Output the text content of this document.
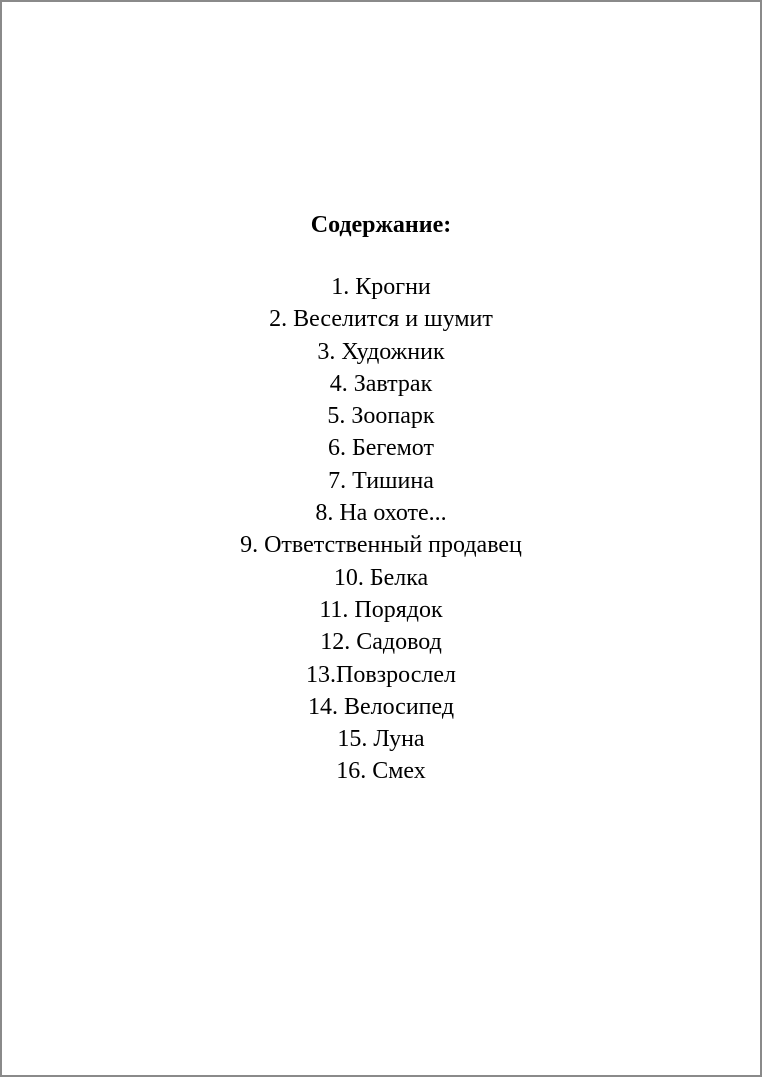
Содержание:
1. Крогни
2. Веселится и шумит
3. Художник
4. Завтрак
5. Зоопарк
6. Бегемот
7. Тишина
8. На охоте...
9. Ответственный продавец
10. Белка
11. Порядок
12. Садовод
13.Повзрослел
14. Велосипед
15. Луна
16. Смех
